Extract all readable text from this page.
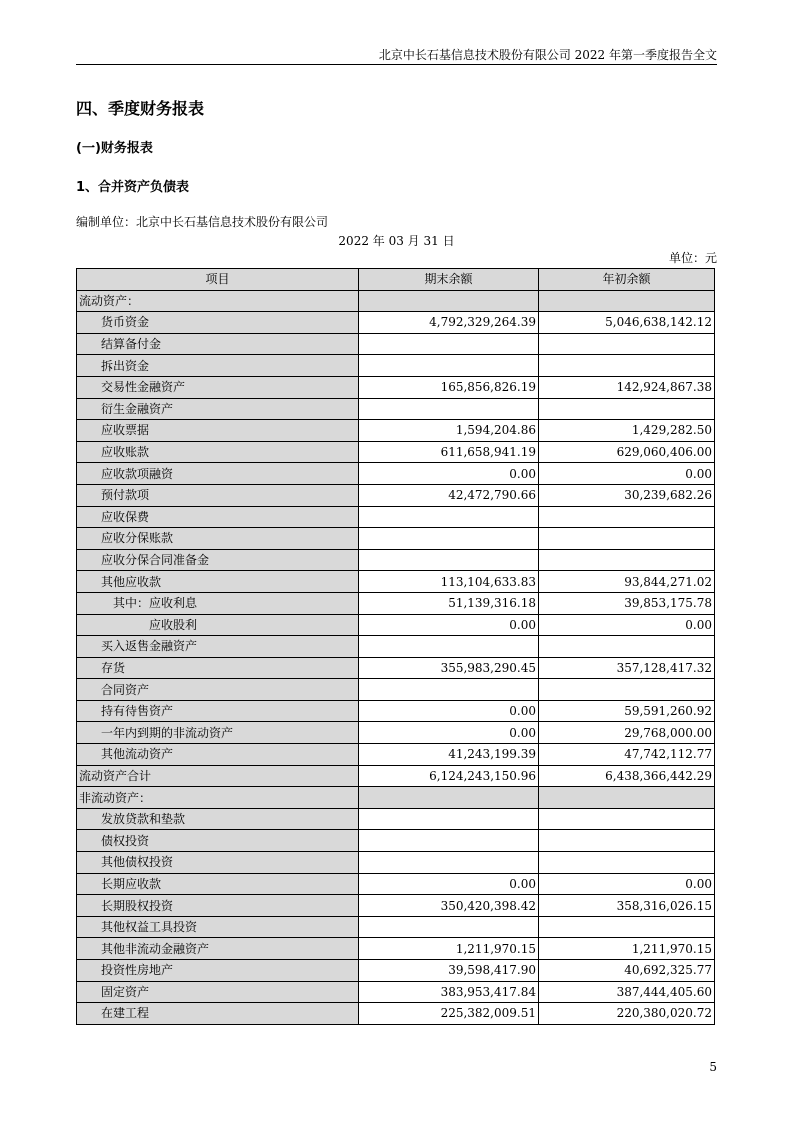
北京中长石基信息技术股份有限公司 2022 年第一季度报告全文
四、季度财务报表
(一)财务报表
1、合并资产负债表
编制单位：北京中长石基信息技术股份有限公司
2022 年 03 月 31 日
单位：元
项目	期末余额	年初余额
流动资产：		
货币资金	4,792,329,264.39	5,046,638,142.12
结算备付金		
拆出资金		
交易性金融资产	165,856,826.19	142,924,867.38
衍生金融资产		
应收票据	1,594,204.86	1,429,282.50
应收账款	611,658,941.19	629,060,406.00
应收款项融资	0.00	0.00
预付款项	42,472,790.66	30,239,682.26
应收保费		
应收分保账款		
应收分保合同准备金		
其他应收款	113,104,633.83	93,844,271.02
其中：应收利息	51,139,316.18	39,853,175.78
应收股利	0.00	0.00
买入返售金融资产		
存货	355,983,290.45	357,128,417.32
合同资产		
持有待售资产	0.00	59,591,260.92
一年内到期的非流动资产	0.00	29,768,000.00
其他流动资产	41,243,199.39	47,742,112.77
流动资产合计	6,124,243,150.96	6,438,366,442.29
非流动资产：		
发放贷款和垫款		
债权投资		
其他债权投资		
长期应收款	0.00	0.00
长期股权投资	350,420,398.42	358,316,026.15
其他权益工具投资		
其他非流动金融资产	1,211,970.15	1,211,970.15
投资性房地产	39,598,417.90	40,692,325.77
固定资产	383,953,417.84	387,444,405.60
在建工程	225,382,009.51	220,380,020.72
5
